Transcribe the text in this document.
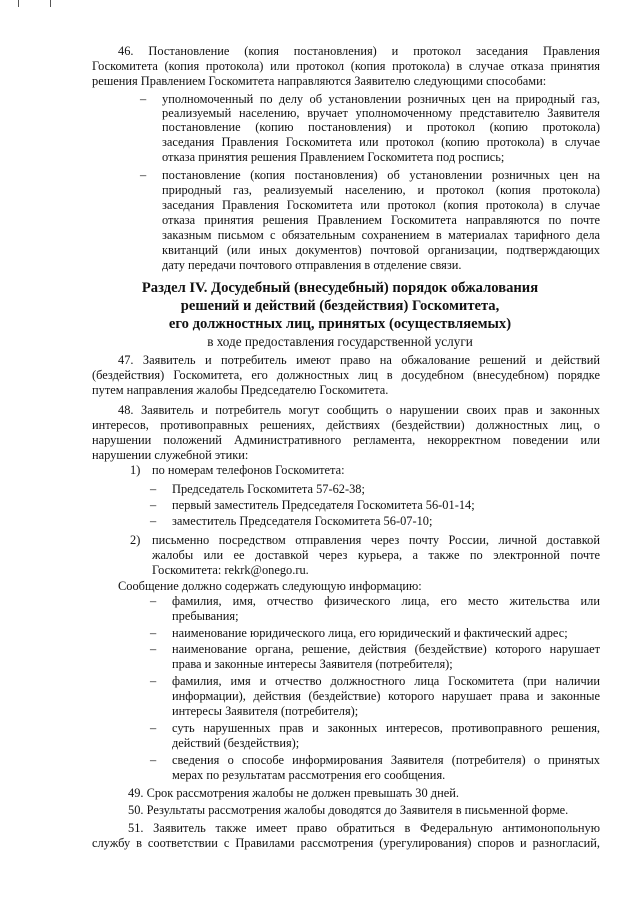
46. Постановление (копия постановления) и протокол заседания Правления
Госкомитета (копия протокола) или протокол (копия протокола) в случае отказа принятия
решения Правлением Госкомитета направляются Заявителю следующими способами:
– уполномоченный по делу об установлении розничных цен на природный газ,
реализуемый населению, вручает уполномоченному представителю Заявителя
постановление (копию постановления) и протокол (копию протокола)
заседания Правления Госкомитета или протокол (копию протокола) в случае
отказа принятия решения Правлением Госкомитета под роспись;
– постановление (копия постановления) об установлении розничных цен на
природный газ, реализуемый населению, и протокол (копия протокола)
заседания Правления Госкомитета или протокол (копия протокола) в случае
отказа принятия решения Правлением Госкомитета направляются по почте
заказным письмом с обязательным сохранением в материалах тарифного дела
квитанций (или иных документов) почтовой организации, подтверждающих
дату передачи почтового отправления в отделение связи.
Раздел IV. Досудебный (внесудебный) порядок обжалования
решений и действий (бездействия) Госкомитета,
его должностных лиц, принятых (осуществляемых)
в ходе предоставления государственной услуги
47. Заявитель и потребитель имеют право на обжалование решений и действий
(бездействия) Госкомитета, его должностных лиц в досудебном (внесудебном) порядке
путем направления жалобы Председателю Госкомитета.
48. Заявитель и потребитель могут сообщить о нарушении своих прав и законных
интересов, противоправных решениях, действиях (бездействии) должностных лиц, о
нарушении положений Административного регламента, некорректном поведении или
нарушении служебной этики:
1) по номерам телефонов Госкомитета:
– Председатель Госкомитета 57-62-38;
– первый заместитель Председателя Госкомитета 56-01-14;
– заместитель Председателя Госкомитета 56-07-10;
2) письменно посредством отправления через почту России, личной доставкой
жалобы или ее доставкой через курьера, а также по электронной почте
Госкомитета: rekrk@onego.ru.
Сообщение должно содержать следующую информацию:
– фамилия, имя, отчество физического лица, его место жительства или
пребывания;
– наименование юридического лица, его юридический и фактический адрес;
– наименование органа, решение, действия (бездействие) которого нарушает
права и законные интересы Заявителя (потребителя);
– фамилия, имя и отчество должностного лица Госкомитета (при наличии
информации), действия (бездействие) которого нарушает права и законные
интересы Заявителя (потребителя);
– суть нарушенных прав и законных интересов, противоправного решения,
действий (бездействия);
– сведения о способе информирования Заявителя (потребителя) о принятых
мерах по результатам рассмотрения его сообщения.
49. Срок рассмотрения жалобы не должен превышать 30 дней.
50. Результаты рассмотрения жалобы доводятся до Заявителя в письменной форме.
51. Заявитель также имеет право обратиться в Федеральную антимонопольную
службу в соответствии с Правилами рассмотрения (урегулирования) споров и разногласий,
